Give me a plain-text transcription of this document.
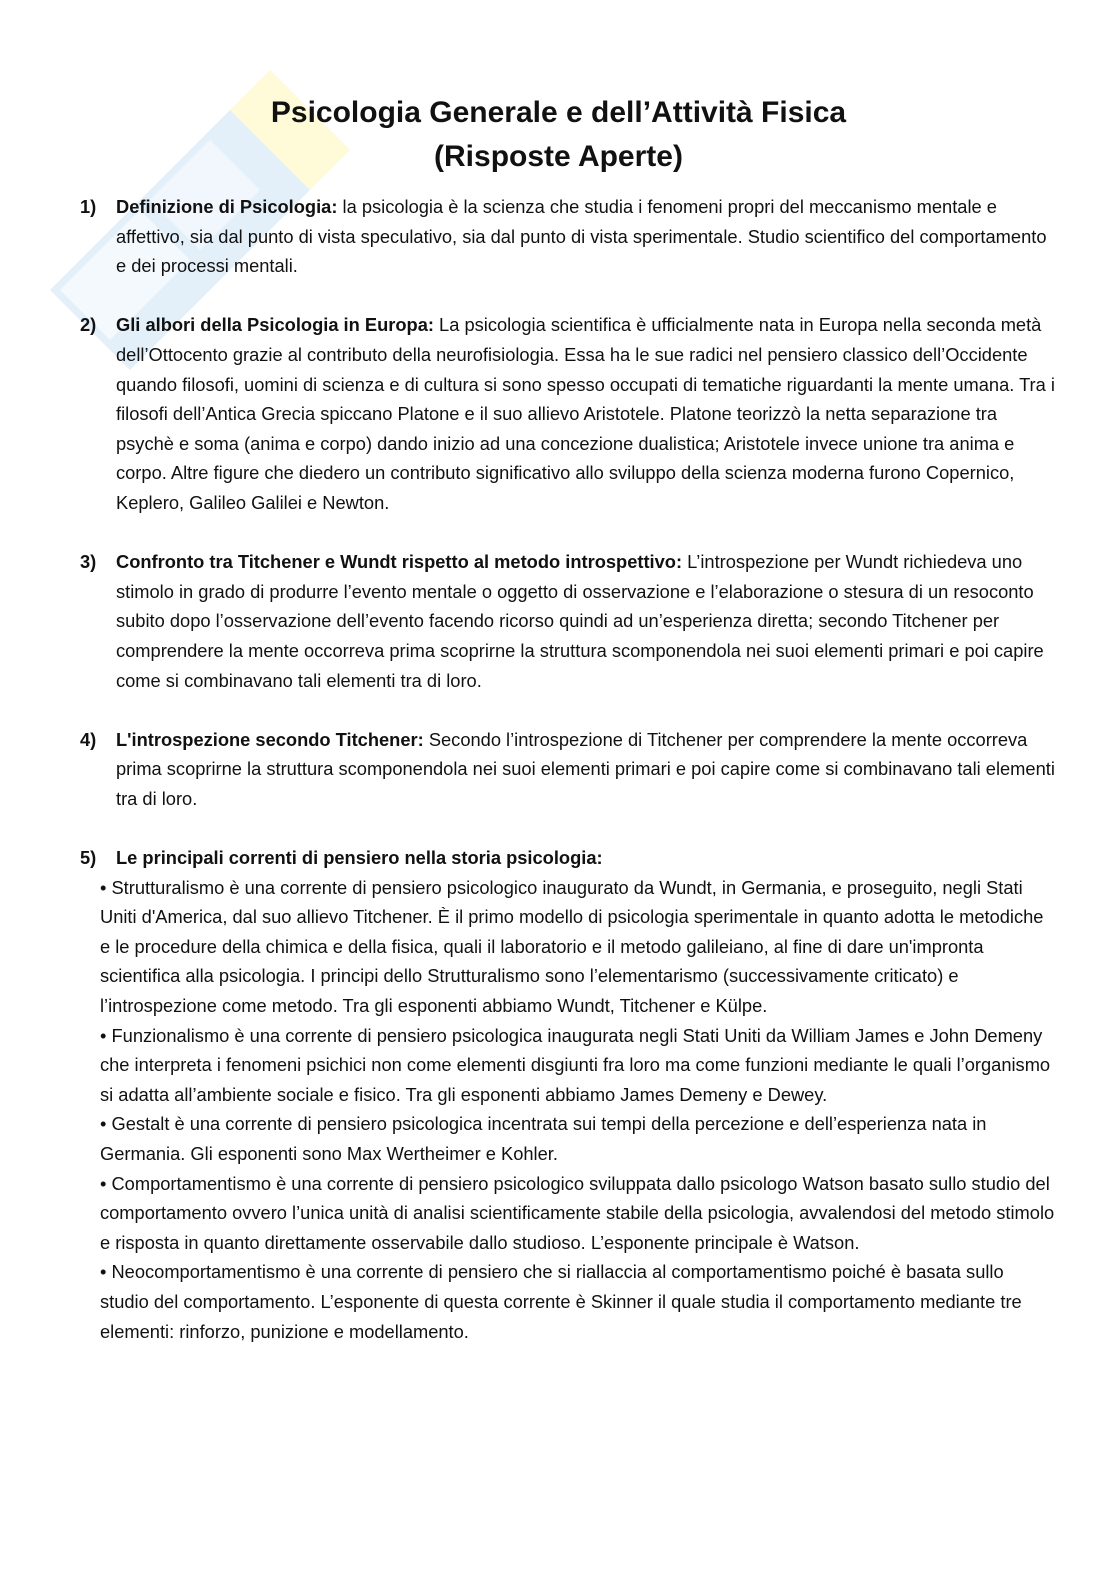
Psicologia Generale e dell’Attività Fisica
(Risposte Aperte)
1) Definizione di Psicologia: la psicologia è la scienza che studia i fenomeni propri del meccanismo mentale e affettivo, sia dal punto di vista speculativo, sia dal punto di vista sperimentale. Studio scientifico del comportamento e dei processi mentali.
2) Gli albori della Psicologia in Europa: La psicologia scientifica è ufficialmente nata in Europa nella seconda metà dell’Ottocento grazie al contributo della neurofisiologia. Essa ha le sue radici nel pensiero classico dell’Occidente quando filosofi, uomini di scienza e di cultura si sono spesso occupati di tematiche riguardanti la mente umana. Tra i filosofi dell’Antica Grecia spiccano Platone e il suo allievo Aristotele. Platone teorizzò la netta separazione tra psychè e soma (anima e corpo) dando inizio ad una concezione dualistica; Aristotele invece unione tra anima e corpo. Altre figure che diedero un contributo significativo allo sviluppo della scienza moderna furono Copernico, Keplero, Galileo Galilei e Newton.
3) Confronto tra Titchener e Wundt rispetto al metodo introspettivo: L’introspezione per Wundt richiedeva uno stimolo in grado di produrre l’evento mentale o oggetto di osservazione e l’elaborazione o stesura di un resoconto subito dopo l’osservazione dell’evento facendo ricorso quindi ad un’esperienza diretta; secondo Titchener per comprendere la mente occorreva prima scoprirne la struttura scomponendola nei suoi elementi primari e poi capire come si combinavano tali elementi tra di loro.
4) L'introspezione secondo Titchener: Secondo l’introspezione di Titchener per comprendere la mente occorreva prima scoprirne la struttura scomponendola nei suoi elementi primari e poi capire come si combinavano tali elementi tra di loro.
5) Le principali correnti di pensiero nella storia psicologia:
• Strutturalismo è una corrente di pensiero psicologico inaugurato da Wundt, in Germania, e proseguito, negli Stati Uniti d'America, dal suo allievo Titchener. È il primo modello di psicologia sperimentale in quanto adotta le metodiche e le procedure della chimica e della fisica, quali il laboratorio e il metodo galileiano, al fine di dare un'impronta scientifica alla psicologia. I principi dello Strutturalismo sono l’elementarismo (successivamente criticato) e l’introspezione come metodo. Tra gli esponenti abbiamo Wundt, Titchener e Külpe.
• Funzionalismo è una corrente di pensiero psicologica inaugurata negli Stati Uniti da William James e John Demeny che interpreta i fenomeni psichici non come elementi disgiunti fra loro ma come funzioni mediante le quali l’organismo si adatta all’ambiente sociale e fisico. Tra gli esponenti abbiamo James Demeny e Dewey.
• Gestalt è una corrente di pensiero psicologica incentrata sui tempi della percezione e dell’esperienza nata in Germania. Gli esponenti sono Max Wertheimer e Kohler.
• Comportamentismo è una corrente di pensiero psicologico sviluppata dallo psicologo Watson basato sullo studio del comportamento ovvero l’unica unità di analisi scientificamente stabile della psicologia, avvalendosi del metodo stimolo e risposta in quanto direttamente osservabile dallo studioso. L’esponente principale è Watson.
• Neocomportamentismo è una corrente di pensiero che si riallaccia al comportamentismo poiché è basata sullo studio del comportamento. L’esponente di questa corrente è Skinner il quale studia il comportamento mediante tre elementi: rinforzo, punizione e modellamento.
